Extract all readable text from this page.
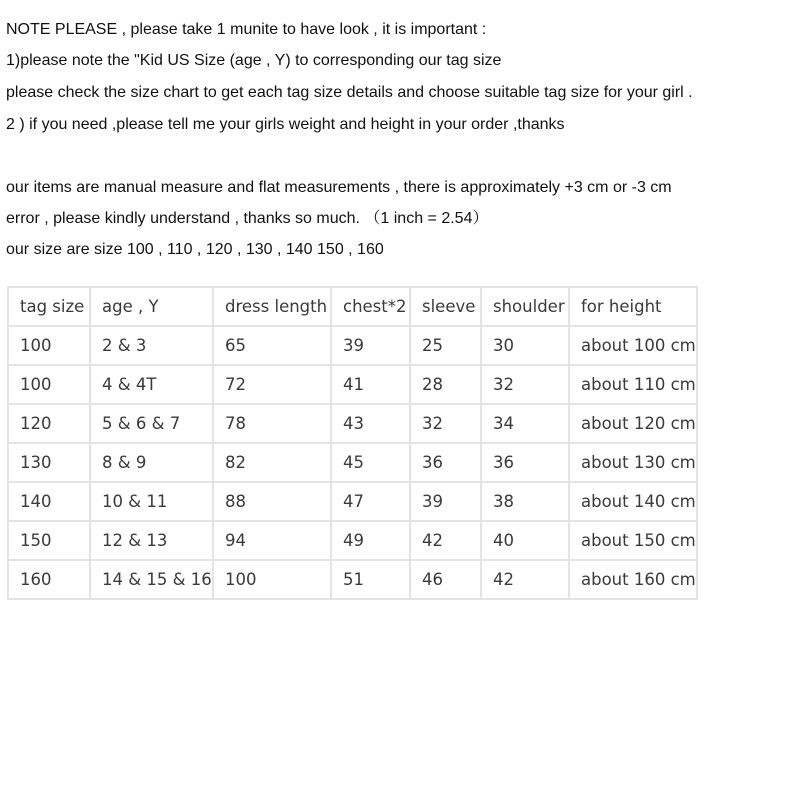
NOTE PLEASE , please take 1 munite to have look , it is important :
1)please note the "Kid US Size (age , Y) to corresponding our tag size
please check the size chart to get each tag size details and choose suitable tag size for your girl .
2 ) if you need ,please tell me your girls weight and height in your order ,thanks
our items are manual measure and flat measurements , there is approximately +3 cm or -3 cm
error , please kindly understand , thanks so much. （1 inch = 2.54）
our size are size 100 , 110 , 120 , 130 , 140 150 , 160
tag size	age , Y	dress length	chest*2	sleeve	shoulder	for height
100	2 & 3	65	39	25	30	about 100 cm
100	4 & 4T	72	41	28	32	about 110 cm
120	5 & 6 & 7	78	43	32	34	about 120 cm
130	8 & 9	82	45	36	36	about 130 cm
140	10 & 11	88	47	39	38	about 140 cm
150	12 & 13	94	49	42	40	about 150 cm
160	14 & 15 & 16	100	51	46	42	about 160 cm
